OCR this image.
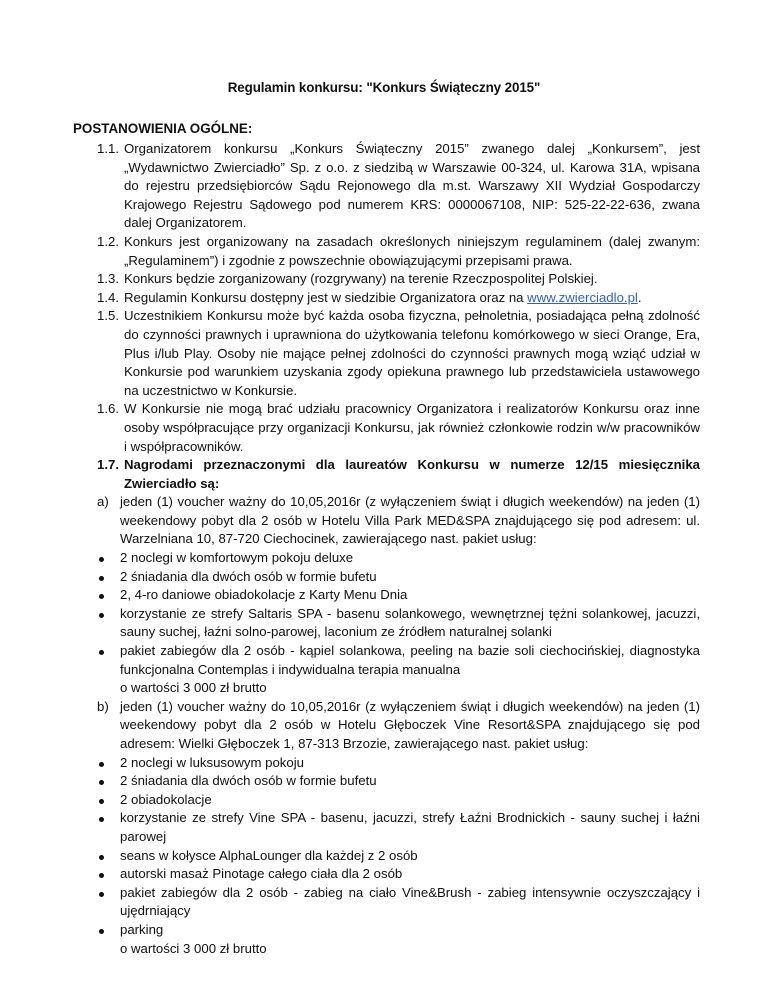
Regulamin konkursu: "Konkurs Świąteczny 2015"
POSTANOWIENIA OGÓLNE:
1.1. Organizatorem konkursu „Konkurs Świąteczny 2015” zwanego dalej „Konkursem”, jest „Wydawnictwo Zwierciadło” Sp. z o.o. z siedzibą w Warszawie 00-324, ul. Karowa 31A, wpisana do rejestru przedsiębiorców Sądu Rejonowego dla m.st. Warszawy XII Wydział Gospodarczy Krajowego Rejestru Sądowego pod numerem KRS: 0000067108, NIP: 525-22-22-636, zwana dalej Organizatorem.
1.2. Konkurs jest organizowany na zasadach określonych niniejszym regulaminem (dalej zwanym: „Regulaminem”) i zgodnie z powszechnie obowiązującymi przepisami prawa.
1.3. Konkurs będzie zorganizowany (rozgrywany) na terenie Rzeczpospolitej Polskiej.
1.4. Regulamin Konkursu dostępny jest w siedzibie Organizatora oraz na www.zwierciadlo.pl.
1.5. Uczestnikiem Konkursu może być każda osoba fizyczna, pełnoletnia, posiadająca pełną zdolność do czynności prawnych i uprawniona do użytkowania telefonu komórkowego w sieci Orange, Era, Plus i/lub Play. Osoby nie mające pełnej zdolności do czynności prawnych mogą wziąć udział w Konkursie pod warunkiem uzyskania zgody opiekuna prawnego lub przedstawiciela ustawowego na uczestnictwo w Konkursie.
1.6. W Konkursie nie mogą brać udziału pracownicy Organizatora i realizatorów Konkursu oraz inne osoby współpracujące przy organizacji Konkursu, jak również członkowie rodzin w/w pracowników i współpracowników.
1.7. Nagrodami przeznaczonymi dla laureatów Konkursu w numerze 12/15 miesięcznika Zwierciadło są:
a) jeden (1) voucher ważny do 10,05,2016r (z wyłączeniem świąt i długich weekendów) na jeden (1) weekendowy pobyt dla 2 osób w Hotelu Villa Park MED&SPA znajdującego się pod adresem: ul. Warzelniana 10, 87-720 Ciechocinek, zawierającego nast. pakiet usług:
2 noclegi w komfortowym pokoju deluxe
2 śniadania dla dwóch osób w formie bufetu
2, 4-ro daniowe obiadokolacje z Karty Menu Dnia
korzystanie ze strefy Saltaris SPA - basenu solankowego, wewnętrznej tężni solankowej, jacuzzi, sauny suchej, łaźni solno-parowej, laconium ze źródłem naturalnej solanki
pakiet zabiegów dla 2 osób - kąpiel solankowa, peeling na bazie soli ciechocińskiej, diagnostyka funkcjonalna Contemplas i indywidualna terapia manualna
o wartości 3 000 zł brutto
b) jeden (1) voucher ważny do 10,05,2016r (z wyłączeniem świąt i długich weekendów) na jeden (1) weekendowy pobyt dla 2 osób w Hotelu Głęboczek Vine Resort&SPA znajdującego się pod adresem: Wielki Głęboczek 1, 87-313 Brzozie, zawierającego nast. pakiet usług:
2 noclegi w luksusowym pokoju
2 śniadania dla dwóch osób w formie bufetu
2 obiadokolacje
korzystanie ze strefy Vine SPA - basenu, jacuzzi, strefy Łaźni Brodnickich - sauny suchej i łaźni parowej
seans w kołysce AlphaLounger dla każdej z 2 osób
autorski masaż Pinotage całego ciała dla 2 osób
pakiet zabiegów dla 2 osób - zabieg na ciało Vine&Brush - zabieg intensywnie oczyszczający i ujędrniający
parking
o wartości 3 000 zł brutto
